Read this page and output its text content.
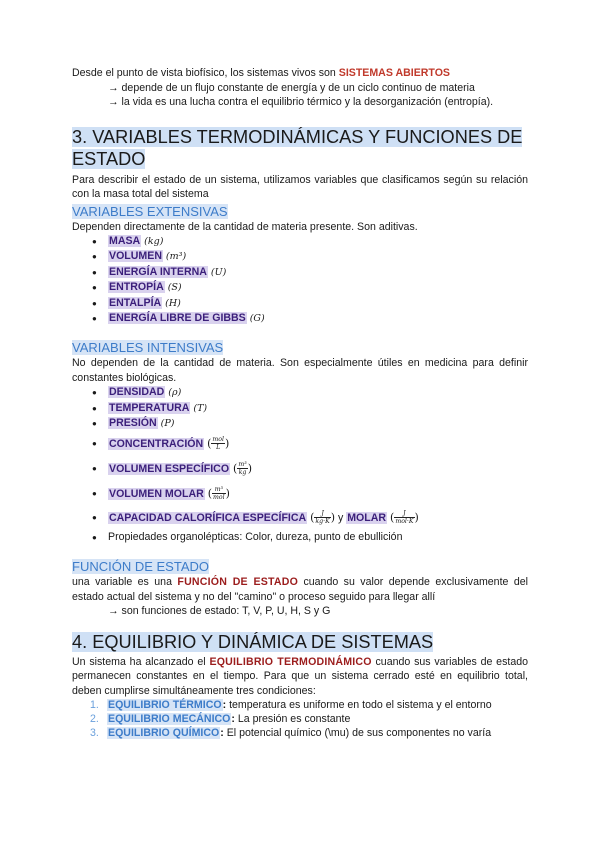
Desde el punto de vista biofísico, los sistemas vivos son SISTEMAS ABIERTOS

→ depende de un flujo constante de energía y de un ciclo continuo de materia

→ la vida es una lucha contra el equilibrio térmico y la desorganización (entropía).

3. VARIABLES TERMODINÁMICAS Y FUNCIONES DE

ESTADO

Para describir el estado de un sistema, utilizamos variables que clasificamos según su relación con la masa total del sistema

VARIABLES EXTENSIVAS

Dependen directamente de la cantidad de materia presente. Son aditivas.

● MASA (kg)
● VOLUMEN (m³)
● ENERGÍA INTERNA (U)
● ENTROPÍA (S)
● ENTALPÍA (H)
● ENERGÍA LIBRE DE GIBBS (G)

VARIABLES INTENSIVAS

No dependen de la cantidad de materia. Son especialmente útiles en medicina para definir constantes biológicas.

● DENSIDAD (ρ)
● TEMPERATURA (T)
● PRESIÓN (P)
● CONCENTRACIÓN ( $\frac{\text{mol}}{L}$ )
● VOLUMEN ESPECÍFICO ( $\frac{\text{m³}}{kg}$ )
● VOLUMEN MOLAR ( $\frac{\text{m³}}{\text{mol}}$ )
● CAPACIDAD CALORÍFICA ESPECÍFICA ( $\frac{J}{kg\cdot K}$ ) y MOLAR ( $\frac{J}{\text{mol·K}}$ )
● Propiedades organolépticas: Color, dureza, punto de ebullición

FUNCIÓN DE ESTADO

una variable es una FUNCIÓN DE ESTADO cuando su valor depende exclusivamente del estado actual del sistema y no del "camino" o proceso seguido para llegar allí

→ son funciones de estado: T, V, P, U, H, S y G

4. EQUILIBRIO Y DINÁMICA DE SISTEMAS

Un sistema ha alcanzado el EQUILIBRIO TERMODINÁMICO cuando sus variables de estado permanecen constantes en el tiempo. Para que un sistema cerrado esté en equilibrio total, deben cumplirse simultáneamente tres condiciones:

1. EQUILIBRIO TÉRMICO: temperatura es uniforme en todo el sistema y el entorno
2. EQUILIBRIO MECÁNICO: La presión es constante
3. EQUILIBRIO QUÍMICO: El potencial químico (\mu) de sus componentes no varía
